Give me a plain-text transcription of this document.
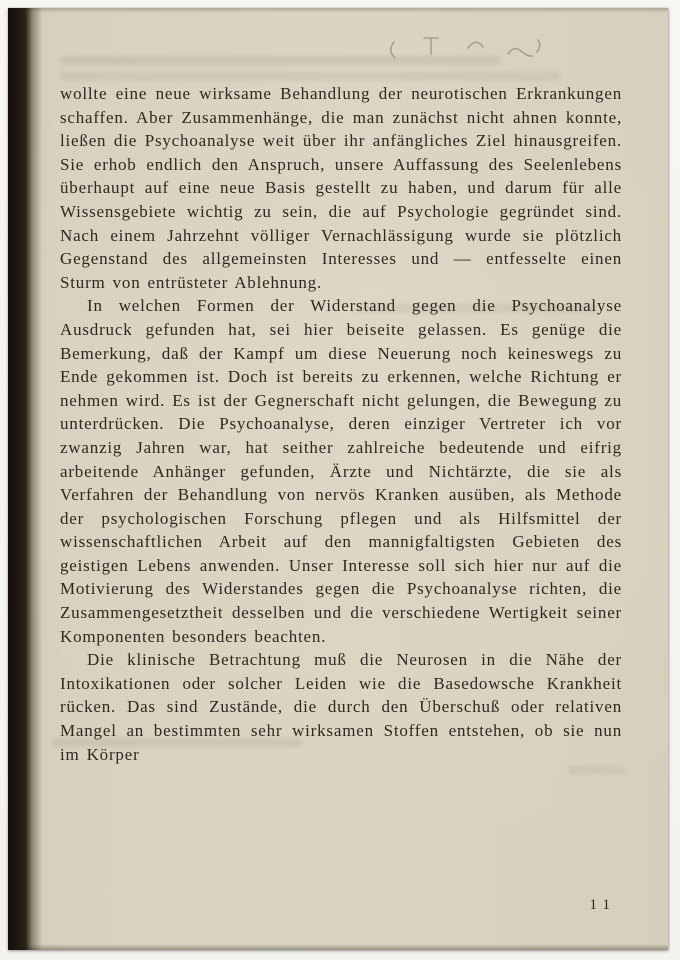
wollte eine neue wirksame Behandlung der neurotischen Erkrankungen schaffen. Aber Zusammenhänge, die man zunächst nicht ahnen konnte, ließen die Psychoanalyse weit über ihr anfängliches Ziel hinausgreifen. Sie erhob endlich den Anspruch, unsere Auffassung des Seelenlebens überhaupt auf eine neue Basis gestellt zu haben, und darum für alle Wissensgebiete wichtig zu sein, die auf Psychologie gegründet sind. Nach einem Jahrzehnt völliger Vernachlässigung wurde sie plötzlich Gegenstand des allgemeinsten Interesses und — entfesselte einen Sturm von entrüsteter Ablehnung.

In welchen Formen der Widerstand gegen die Psychoanalyse Ausdruck gefunden hat, sei hier beiseite gelassen. Es genüge die Bemerkung, daß der Kampf um diese Neuerung noch keineswegs zu Ende gekommen ist. Doch ist bereits zu erkennen, welche Richtung er nehmen wird. Es ist der Gegnerschaft nicht gelungen, die Bewegung zu unterdrücken. Die Psychoanalyse, deren einziger Vertreter ich vor zwanzig Jahren war, hat seither zahlreiche bedeutende und eifrig arbeitende Anhänger gefunden, Ärzte und Nichtärzte, die sie als Verfahren der Behandlung von nervös Kranken ausüben, als Methode der psychologischen Forschung pflegen und als Hilfsmittel der wissenschaftlichen Arbeit auf den mannigfaltigsten Gebieten des geistigen Lebens anwenden. Unser Interesse soll sich hier nur auf die Motivierung des Widerstandes gegen die Psychoanalyse richten, die Zusammengesetztheit desselben und die verschiedene Wertigkeit seiner Komponenten besonders beachten.

Die klinische Betrachtung muß die Neurosen in die Nähe der Intoxikationen oder solcher Leiden wie die Basedowsche Krankheit rücken. Das sind Zustände, die durch den Überschuß oder relativen Mangel an bestimmten sehr wirksamen Stoffen entstehen, ob sie nun im Körper

11
